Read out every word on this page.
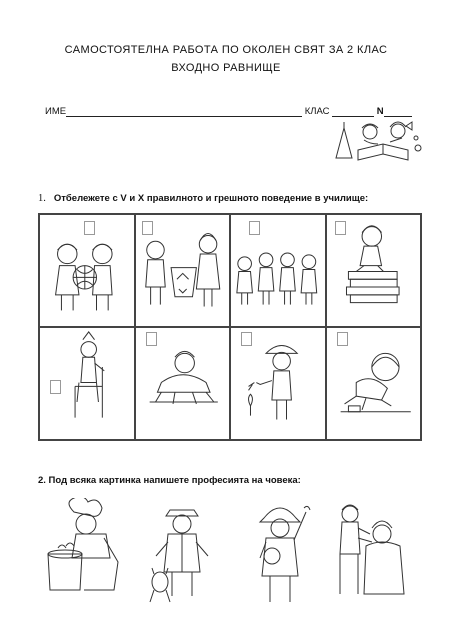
САМОСТОЯТЕЛНА РАБОТА ПО ОКОЛЕН СВЯТ ЗА 2 КЛАС
ВХОДНО РАВНИЩЕ
ИМЕ	КЛАС	N
1. Отбележете с V и X правилното и грешното поведение в училище:
2. Под всяка картинка напишете професията на човека:
